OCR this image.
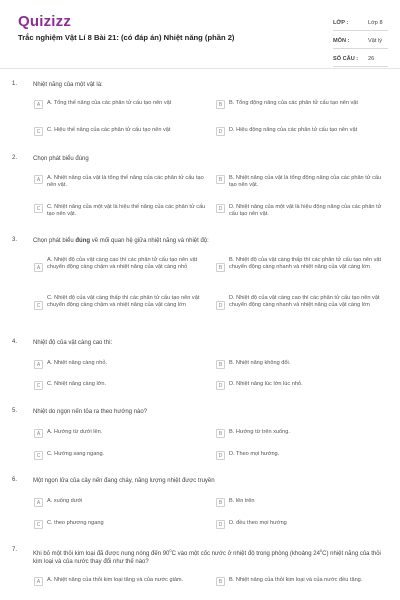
Quizizz
Trắc nghiệm Vật Lí 8 Bài 21: (có đáp án) Nhiệt năng (phần 2)
LỚP :	Lớp 8
MÔN :	Vật lý
SỐ CÂU : 26
1.	Nhiệt năng của một vật là:
A	A. Tổng thế năng của các phân tử cấu tạo nên vật	B	B. Tổng động năng của các phân tử cấu tạo nên vật
C	C. Hiệu thế năng của các phân tử cấu tạo nên vật	D	D. Hiệu động năng của các phân tử cấu tạo nên vật
2.	Chọn phát biểu đúng
A	A. Nhiệt năng của vật là tổng thế năng của các phân tử cấu tạo nên vật.
B	B. Nhiệt năng của vật là tổng động năng của các phân tử cấu tạo nên vật.
C	C. Nhiệt năng của một vật là hiệu thế năng của các phân tử cấu tạo nên vật.
D	D. Nhiệt năng của một vật là hiệu động năng của các phân tử cấu tạo nên vật.
3.	Chọn phát biểu đúng về mối quan hệ giữa nhiệt năng và nhiệt độ:
A
A. Nhiệt độ của vật càng cao thì các phân tử cấu tạo nên vật chuyển động càng chậm và nhiệt năng của vật càng nhỏ	B
B. Nhiệt độ của vật càng thấp thì các phân tử cấu tạo nên vật chuyển động càng nhanh và nhiệt năng của vật càng lớn
C
C. Nhiệt độ của vật càng thấp thì các phân tử cấu tạo nên vật chuyển động càng chậm và nhiệt năng của vật càng lớn	D
D. Nhiệt độ của vật càng cao thì các phân tử cấu tạo nên vật chuyển động càng nhanh và nhiệt năng của vật càng lớn
4.	Nhiệt độ của vật càng cao thì:
A	A. Nhiệt năng càng nhỏ.	B	B. Nhiệt năng không đổi.
C	C. Nhiệt năng càng lớn.	D	D. Nhiệt năng lúc lớn lúc nhỏ.
5.	Nhiệt do ngọn nến tỏa ra theo hướng nào?
A	A. Hướng từ dưới lên.	B	B. Hướng từ trên xuống.
C	C. Hướng sang ngang.	D	D. Theo mọi hướng.
6.	Một ngọn lửa của cây nến đang cháy, năng lượng nhiệt được truyền
A	A. xuống dưới	B	B. lên trên
C	C. theo phương ngang	D	D. đều theo mọi hướng
7.
Khi bỏ một thỏi kim loại đã được nung nóng đến $90^0C$ vào một cốc nước ở nhiệt độ trong phòng (khoảng $24^0C$) nhiệt năng của thỏi kim loại và của nước thay đổi như thế nào?
A	A. Nhiệt năng của thỏi kim loại tăng và của nước giảm.	B	B. Nhiệt năng của thỏi kim loại và của nước đều tăng.
